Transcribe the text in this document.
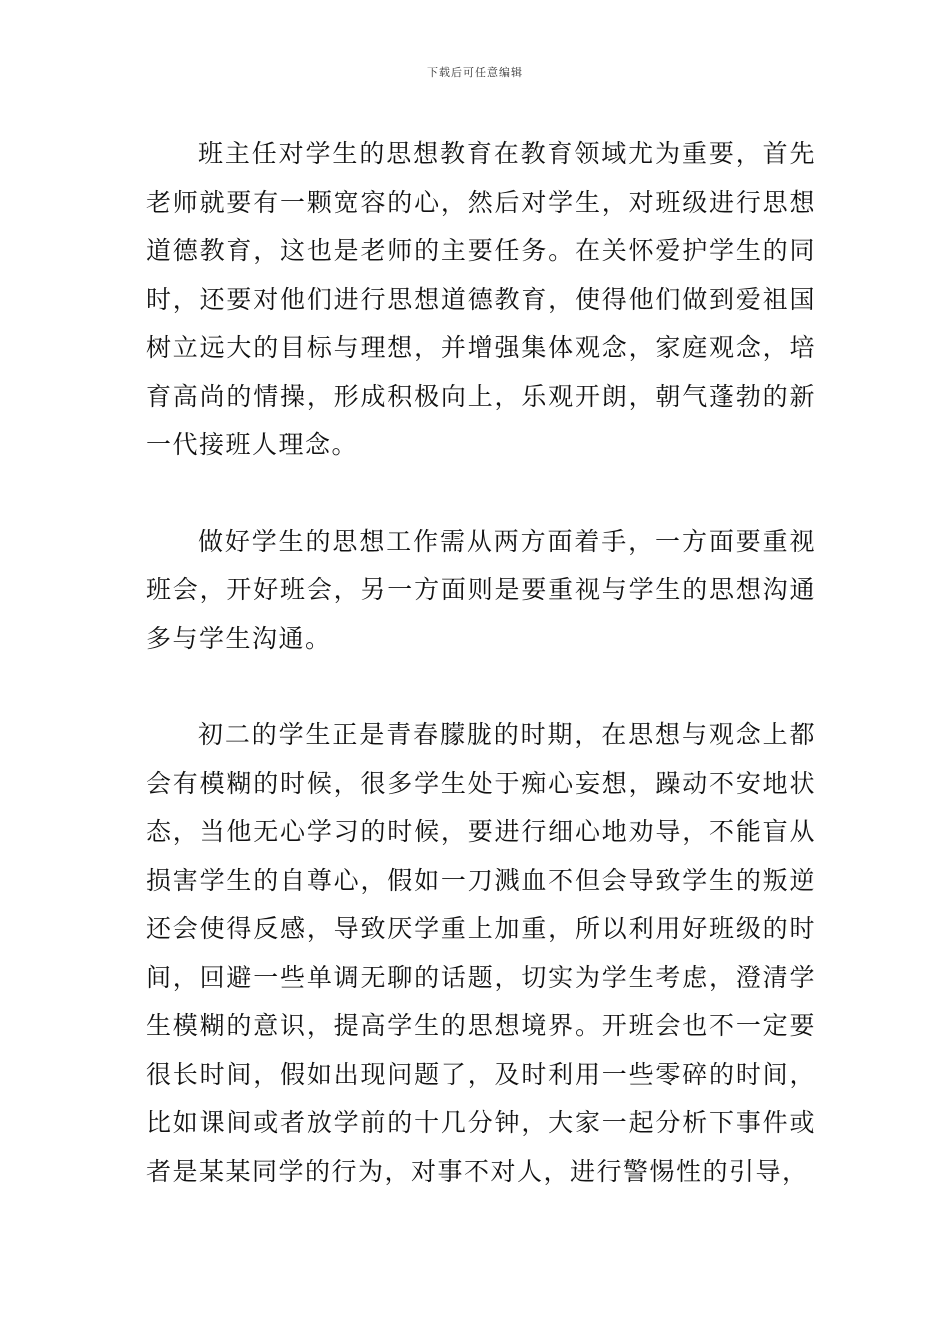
下载后可任意编辑

班主任对学生的思想教育在教育领域尤为重要，首先老师就要有一颗宽容的心，然后对学生，对班级进行思想道德教育，这也是老师的主要任务。在关怀爱护学生的同时，还要对他们进行思想道德教育，使得他们做到爱祖国树立远大的目标与理想，并增强集体观念，家庭观念，培育高尚的情操，形成积极向上，乐观开朗，朝气蓬勃的新一代接班人理念。

做好学生的思想工作需从两方面着手，一方面要重视班会，开好班会，另一方面则是要重视与学生的思想沟通多与学生沟通。

初二的学生正是青春朦胧的时期，在思想与观念上都会有模糊的时候，很多学生处于痴心妄想，躁动不安地状态，当他无心学习的时候，要进行细心地劝导，不能盲从损害学生的自尊心，假如一刀溅血不但会导致学生的叛逆还会使得反感，导致厌学重上加重，所以利用好班级的时间，回避一些单调无聊的话题，切实为学生考虑，澄清学生模糊的意识，提高学生的思想境界。开班会也不一定要很长时间，假如出现问题了，及时利用一些零碎的时间，比如课间或者放学前的十几分钟，大家一起分析下事件或者是某某同学的行为，对事不对人，进行警惕性的引导，
